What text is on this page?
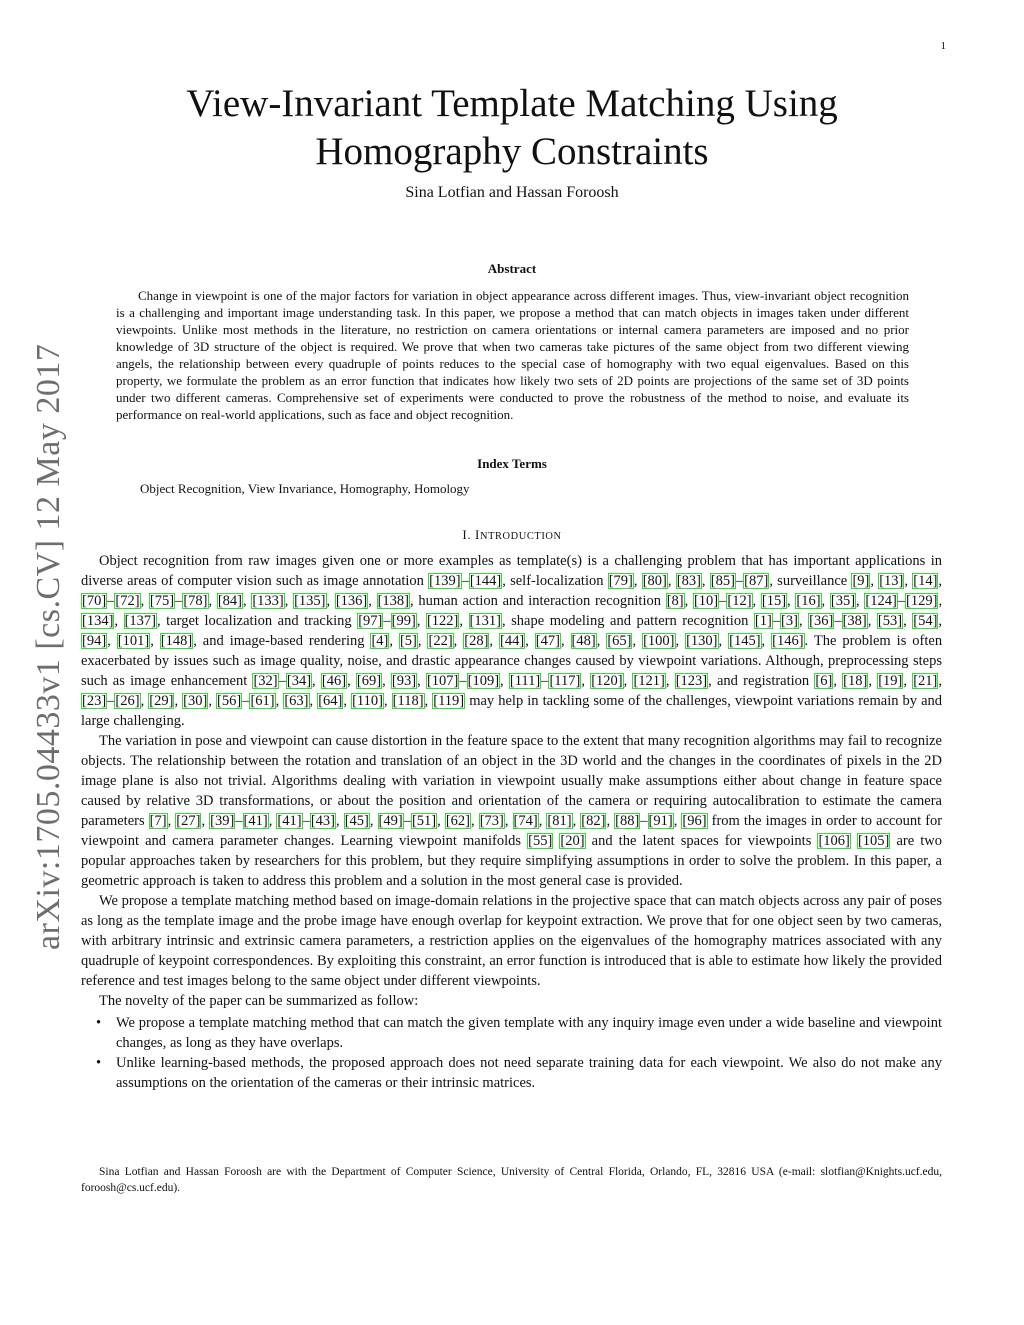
1
arXiv:1705.04433v1 [cs.CV] 12 May 2017
View-Invariant Template Matching Using
Homography Constraints
Sina Lotfian and Hassan Foroosh
Abstract

Change in viewpoint is one of the major factors for variation in object appearance across different images. Thus, view-invariant object recognition is a challenging and important image understanding task. In this paper, we propose a method that can match objects in images taken under different viewpoints. Unlike most methods in the literature, no restriction on camera orientations or internal camera parameters are imposed and no prior knowledge of 3D structure of the object is required. We prove that when two cameras take pictures of the same object from two different viewing angels, the relationship between every quadruple of points reduces to the special case of homography with two equal eigenvalues. Based on this property, we formulate the problem as an error function that indicates how likely two sets of 2D points are projections of the same set of 3D points under two different cameras. Comprehensive set of experiments were conducted to prove the robustness of the method to noise, and evaluate its performance on real-world applications, such as face and object recognition.

Index Terms
Object Recognition, View Invariance, Homography, Homology
I. INTRODUCTION

Object recognition from raw images given one or more examples as template(s) is a challenging problem that has important applications in diverse areas of computer vision such as image annotation [139]–[144], self-localization [79], [80], [83], [85]–[87], surveillance [9], [13], [14], [70]–[72], [75]–[78], [84], [133], [135], [136], [138], human action and interaction recognition [8], [10]–[12], [15], [16], [35], [124]–[129], [134], [137], target localization and tracking [97]–[99], [122], [131], shape modeling and pattern recognition [1]–[3], [36]–[38], [53], [54], [94], [101], [148], and image-based rendering [4], [5], [22], [28], [44], [47], [48], [65], [100], [130], [145], [146]. The problem is often exacerbated by issues such as image quality, noise, and drastic appearance changes caused by viewpoint variations. Although, preprocessing steps such as image enhancement [32]–[34], [46], [69], [93], [107]–[109], [111]–[117], [120], [121], [123], and registration [6], [18], [19], [21], [23]–[26], [29], [30], [56]–[61], [63], [64], [110], [118], [119] may help in tackling some of the challenges, viewpoint variations remain by and large challenging.

The variation in pose and viewpoint can cause distortion in the feature space to the extent that many recognition algorithms may fail to recognize objects. The relationship between the rotation and translation of an object in the 3D world and the changes in the coordinates of pixels in the 2D image plane is also not trivial. Algorithms dealing with variation in viewpoint usually make assumptions either about change in feature space caused by relative 3D transformations, or about the position and orientation of the camera or requiring autocalibration to estimate the camera parameters [7], [27], [39]–[41], [41]–[43], [45], [49]–[51], [62], [73], [74], [81], [82], [88]–[91], [96] from the images in order to account for viewpoint and camera parameter changes. Learning viewpoint manifolds [55] [20] and the latent spaces for viewpoints [106] [105] are two popular approaches taken by researchers for this problem, but they require simplifying assumptions in order to solve the problem. In this paper, a geometric approach is taken to address this problem and a solution in the most general case is provided.

We propose a template matching method based on image-domain relations in the projective space that can match objects across any pair of poses as long as the template image and the probe image have enough overlap for keypoint extraction. We prove that for one object seen by two cameras, with arbitrary intrinsic and extrinsic camera parameters, a restriction applies on the eigenvalues of the homography matrices associated with any quadruple of keypoint correspondences. By exploiting this constraint, an error function is introduced that is able to estimate how likely the provided reference and test images belong to the same object under different viewpoints.

The novelty of the paper can be summarized as follow:

• We propose a template matching method that can match the given template with any inquiry image even under a wide baseline and viewpoint changes, as long as they have overlaps.
• Unlike learning-based methods, the proposed approach does not need separate training data for each viewpoint. We also do not make any assumptions on the orientation of the cameras or their intrinsic matrices.

Sina Lotfian and Hassan Foroosh are with the Department of Computer Science, University of Central Florida, Orlando, FL, 32816 USA (e-mail: slotfian@Knights.ucf.edu, foroosh@cs.ucf.edu).
